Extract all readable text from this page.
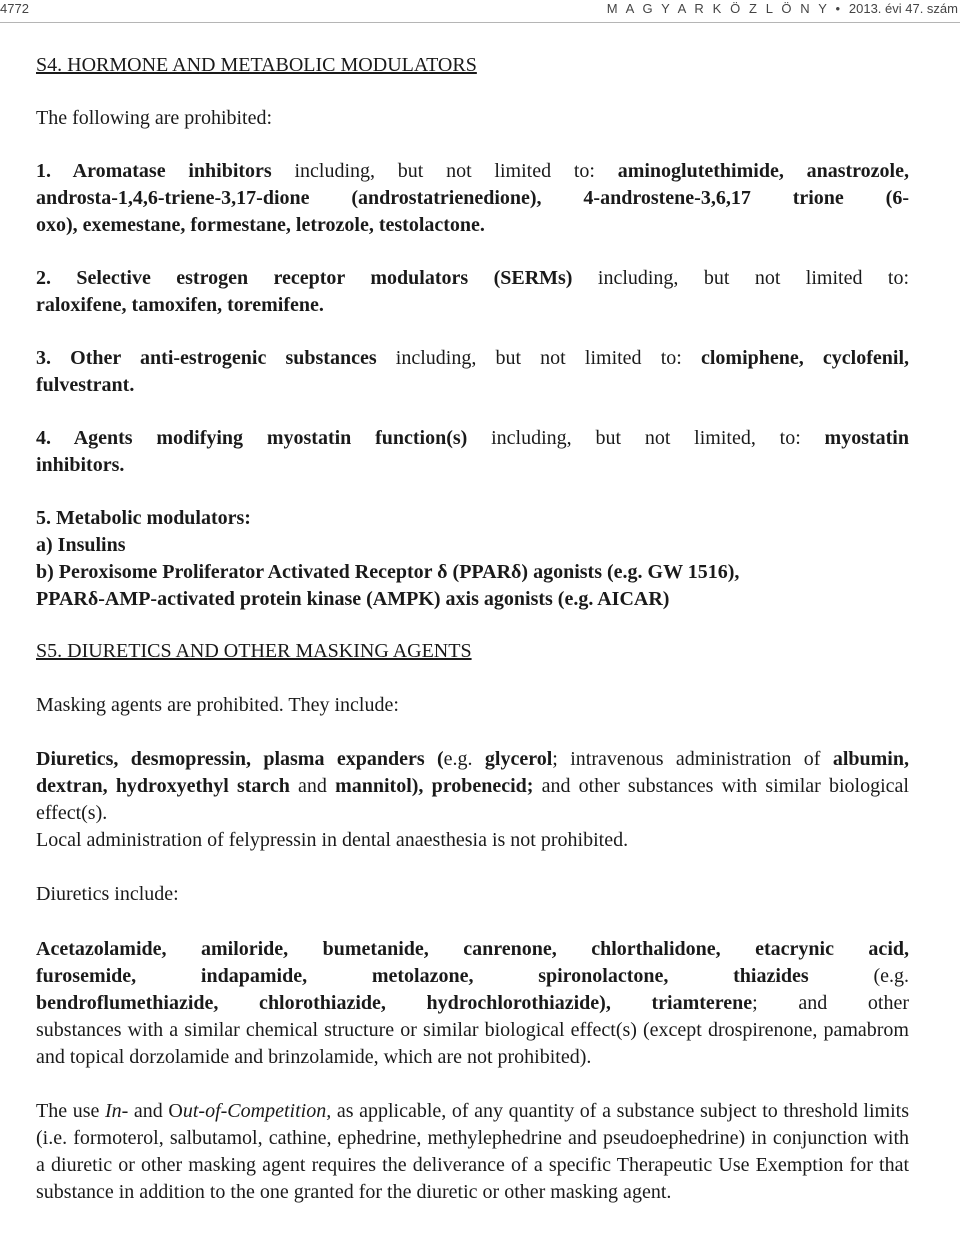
4772	M A G Y A R K Ö Z L Ö N Y • 2013. évi 47. szám

S4. HORMONE AND METABOLIC MODULATORS

The following are prohibited:

1. Aromatase inhibitors including, but not limited to: aminoglutethimide, anastrozole,

androsta-1,4,6-triene-3,17-dione (androstatrienedione), 4-androstene-3,6,17 trione (6-

oxo), exemestane, formestane, letrozole, testolactone.

2. Selective estrogen receptor modulators (SERMs) including, but not limited to:

raloxifene, tamoxifen, toremifene.

3. Other anti-estrogenic substances including, but not limited to: clomiphene, cyclofenil,

fulvestrant.

4. Agents modifying myostatin function(s) including, but not limited, to: myostatin

inhibitors.

5. Metabolic modulators:

a) Insulins

b) Peroxisome Proliferator Activated Receptor δ (PPARδ) agonists (e.g. GW 1516),

PPARδ-AMP-activated protein kinase (AMPK) axis agonists (e.g. AICAR)

S5. DIURETICS AND OTHER MASKING AGENTS

Masking agents are prohibited. They include:

Diuretics, desmopressin, plasma expanders (e.g. glycerol; intravenous administration of albumin, dextran, hydroxyethyl starch and mannitol), probenecid; and other substances with similar biological effect(s).

Local administration of felypressin in dental anaesthesia is not prohibited.

Diuretics include:

Acetazolamide, amiloride, bumetanide, canrenone, chlorthalidone, etacrynic acid,

furosemide, indapamide, metolazone, spironolactone, thiazides (e.g.

bendroflumethiazide, chlorothiazide, hydrochlorothiazide), triamterene; and other

substances with a similar chemical structure or similar biological effect(s) (except drospirenone, pamabrom and topical dorzolamide and brinzolamide, which are not prohibited).

The use In- and Out-of-Competition, as applicable, of any quantity of a substance subject to threshold limits (i.e. formoterol, salbutamol, cathine, ephedrine, methylephedrine and pseudoephedrine) in conjunction with a diuretic or other masking agent requires the deliverance of a specific Therapeutic Use Exemption for that substance in addition to the one granted for the diuretic or other masking agent.
